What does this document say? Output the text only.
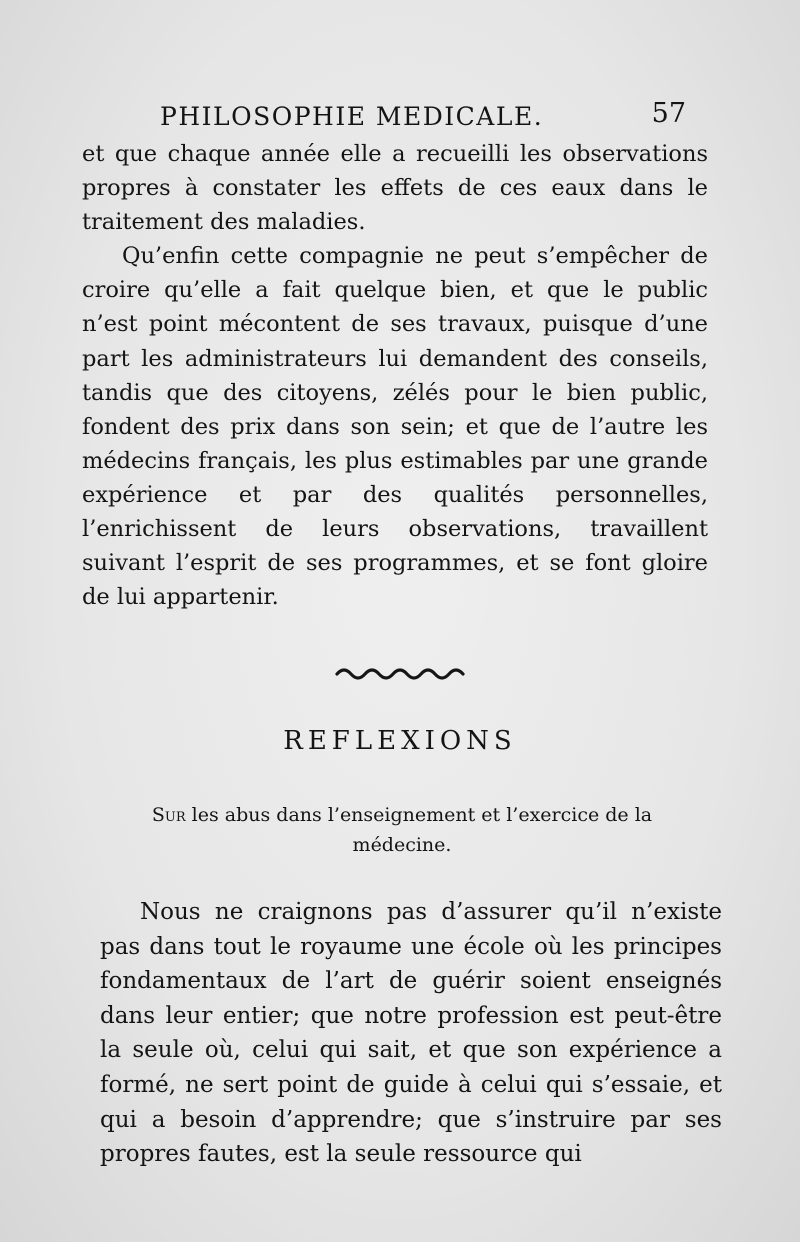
PHILOSOPHIE MEDICALE.	57

et que chaque année elle a recueilli les observations propres à constater les effets de ces eaux dans le traitement des maladies.

Qu’enfin cette compagnie ne peut s’empêcher de croire qu’elle a fait quelque bien, et que le public n’est point mécontent de ses travaux, puisque d’une part les administrateurs lui demandent des conseils, tandis que des citoyens, zélés pour le bien public, fondent des prix dans son sein; et que de l’autre les médecins français, les plus estimables par une grande expérience et par des qualités personnelles, l’enrichissent de leurs observations, travaillent suivant l’esprit de ses programmes, et se font gloire de lui appartenir.

REFLEXIONS
Sur les abus dans l’enseignement et l’exercice de la médecine.

Nous ne craignons pas d’assurer qu’il n’existe pas dans tout le royaume une école où les principes fondamentaux de l’art de guérir soient enseignés dans leur entier; que notre profession est peut-être la seule où, celui qui sait, et que son expérience a formé, ne sert point de guide à celui qui s’essaie, et qui a besoin d’apprendre; que s’instruire par ses propres fautes, est la seule ressource qui
